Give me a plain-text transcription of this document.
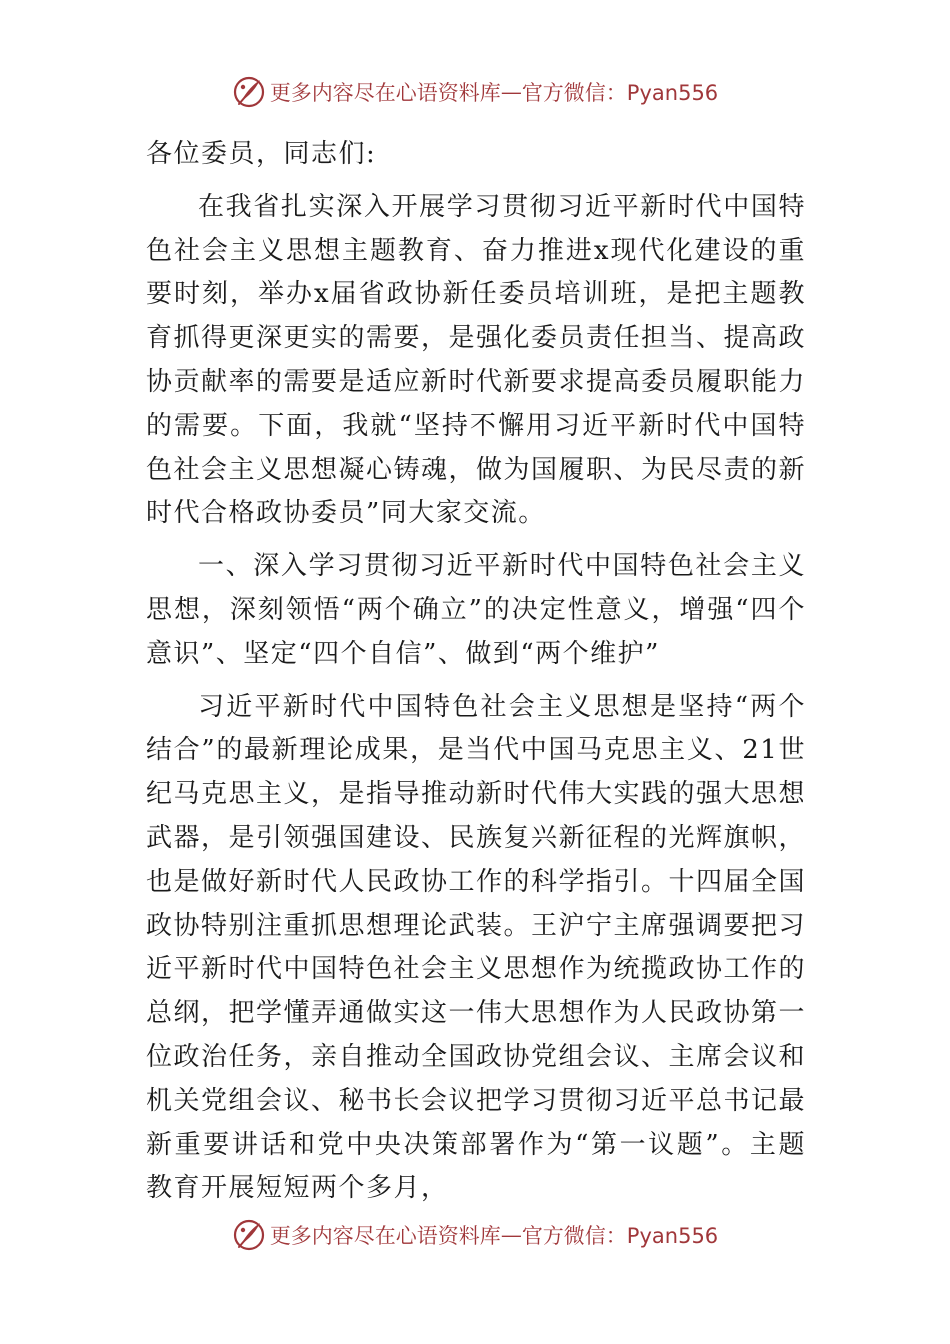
更多内容尽在心语资料库 — 官方微信：Pyan556

各位委员，同志们:

在我省扎实深入开展学习贯彻习近平新时代中国特色社会主义思想主题教育、奋力推进x现代化建设的重要时刻，举办x届省政协新任委员培训班，是把主题教育抓得更深更实的需要，是强化委员责任担当、提高政协贡献率的需要是适应新时代新要求提高委员履职能力的需要。下面，我就“坚持不懈用习近平新时代中国特色社会主义思想凝心铸魂，做为国履职、为民尽责的新时代合格政协委员”同大家交流。

一、深入学习贯彻习近平新时代中国特色社会主义思想，深刻领悟“两个确立”的决定性意义，增强“四个意识”、坚定“四个自信”、做到“两个维护”

习近平新时代中国特色社会主义思想是坚持“两个结合”的最新理论成果，是当代中国马克思主义、21世纪马克思主义，是指导推动新时代伟大实践的强大思想武器，是引领强国建设、民族复兴新征程的光辉旗帜，也是做好新时代人民政协工作的科学指引。十四届全国政协特别注重抓思想理论武装。王沪宁主席强调要把习近平新时代中国特色社会主义思想作为统揽政协工作的总纲，把学懂弄通做实这一伟大思想作为人民政协第一位政治任务，亲自推动全国政协党组会议、主席会议和机关党组会议、秘书长会议把学习贯彻习近平总书记最新重要讲话和党中央决策部署作为“第一议题”。主题教育开展短短两个多月，

更多内容尽在心语资料库 — 官方微信：Pyan556
